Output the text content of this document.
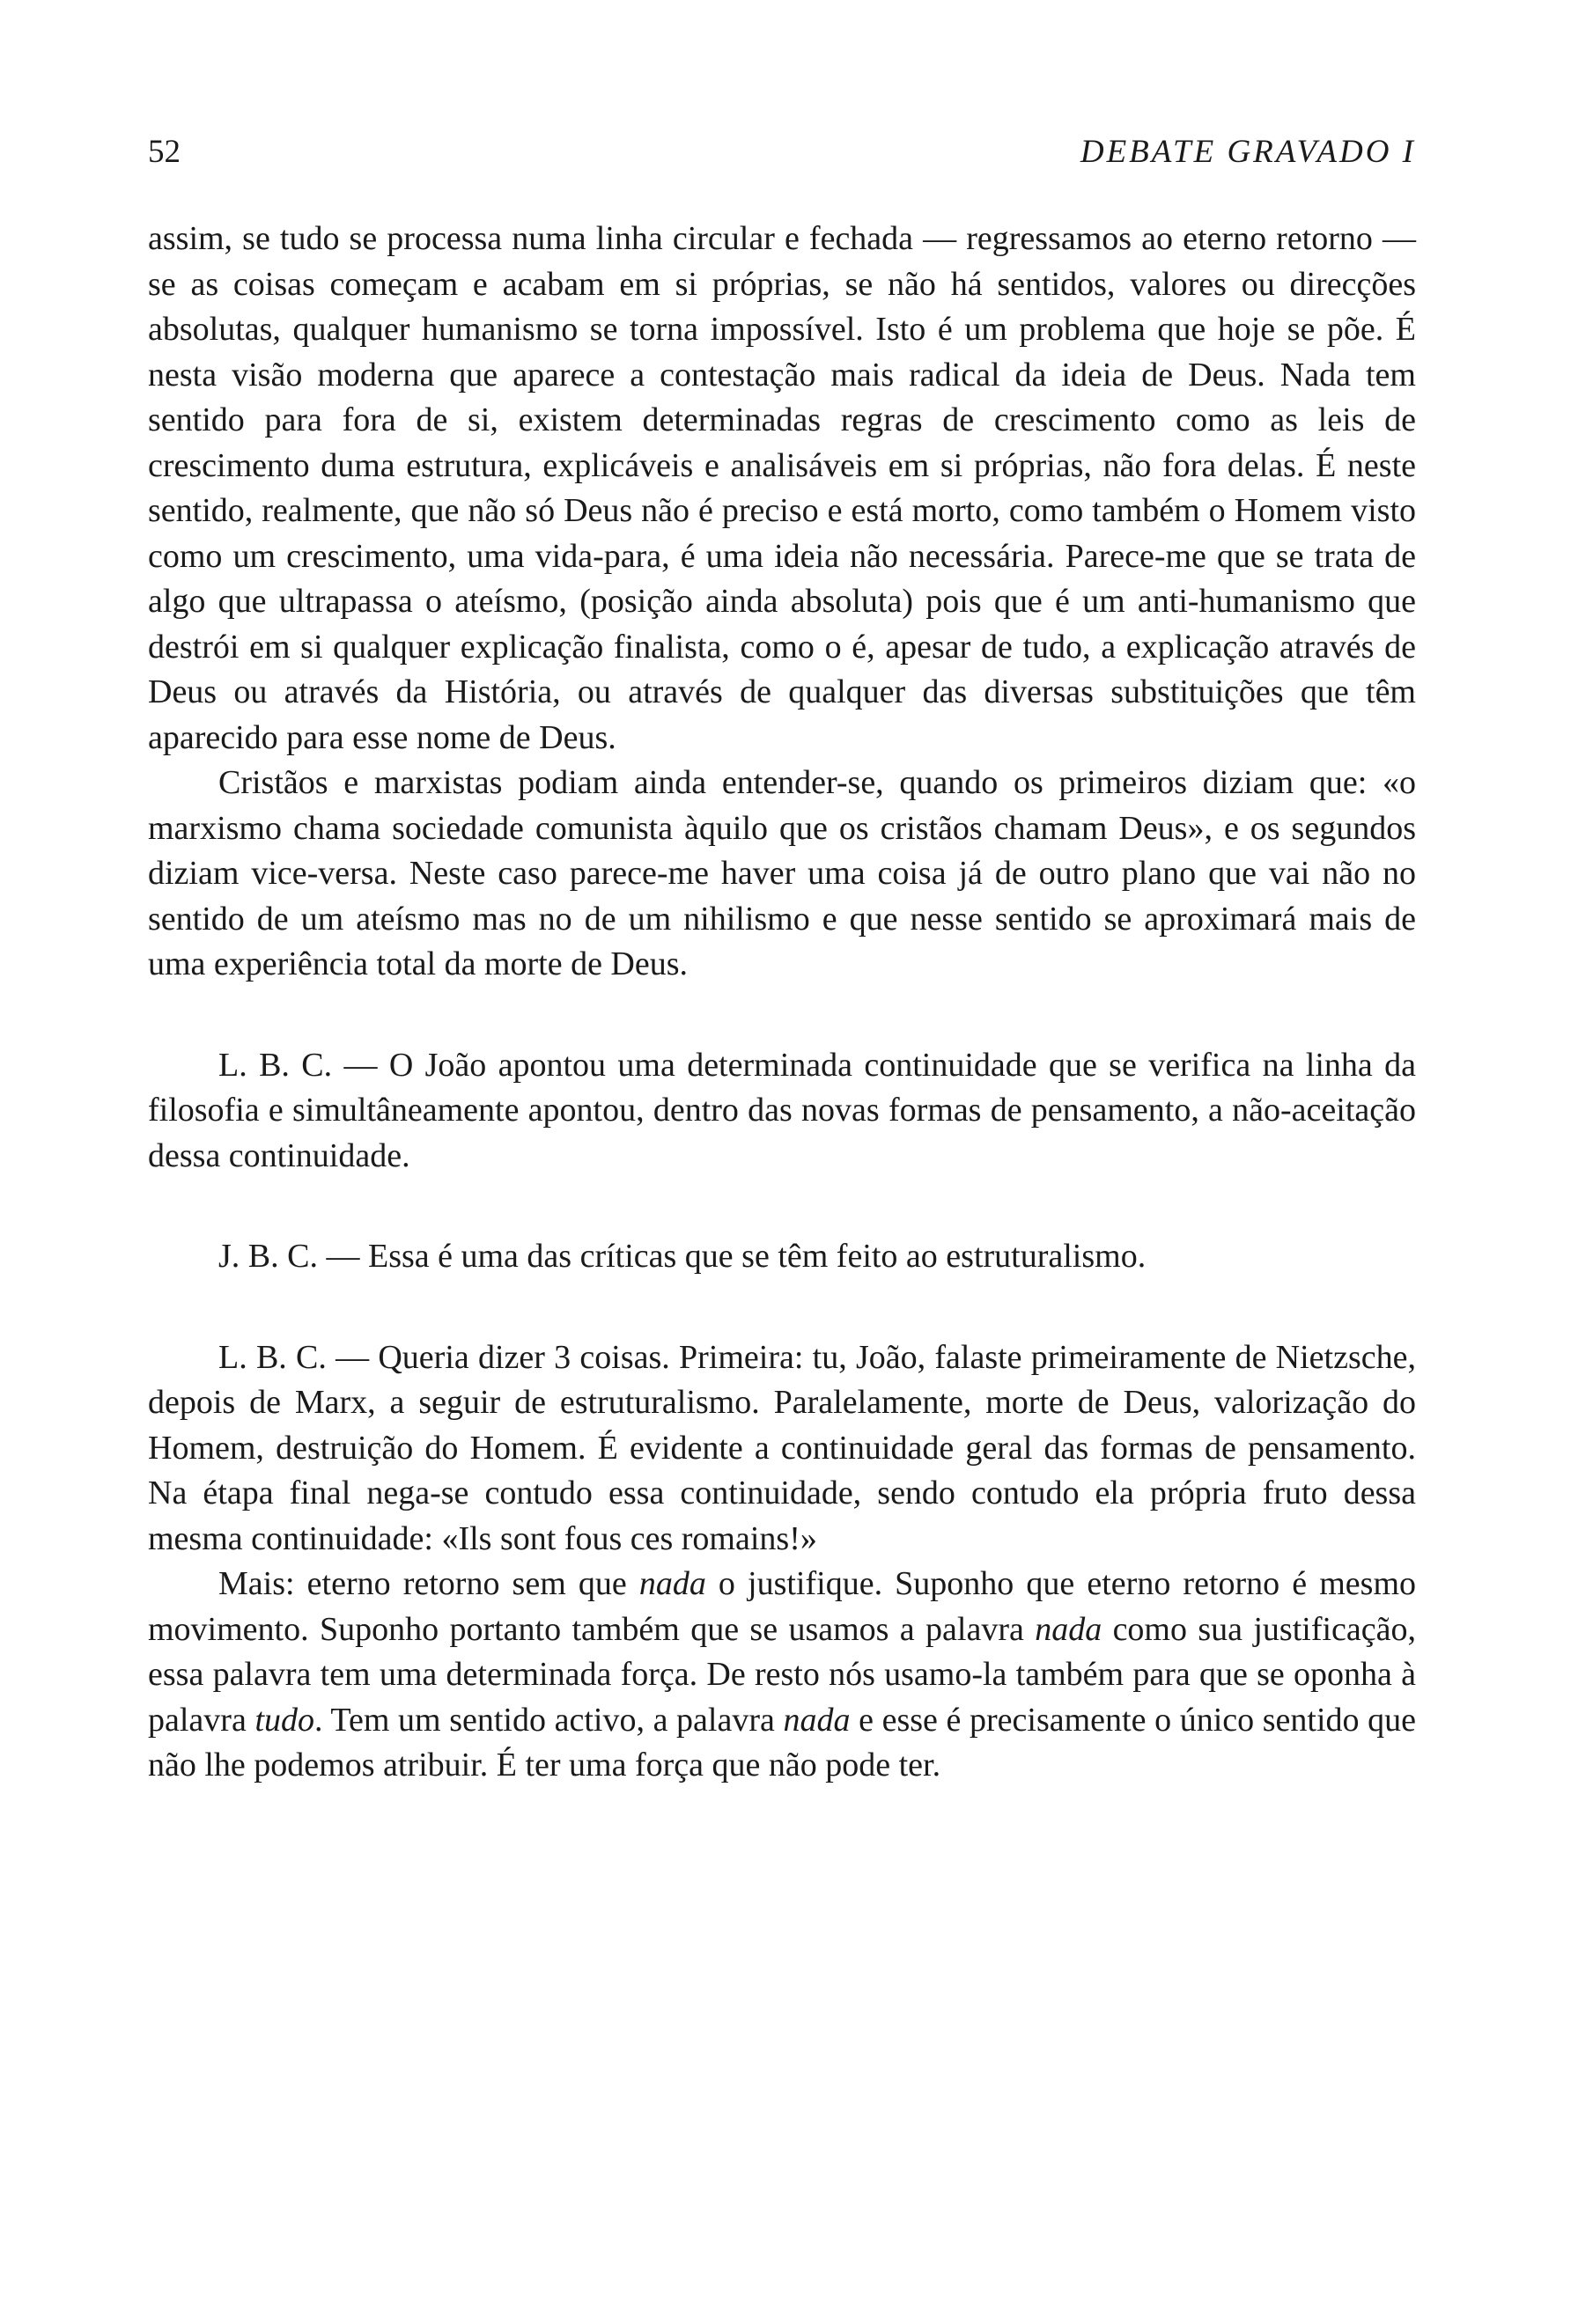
52	DEBATE GRAVADO I

assim, se tudo se processa numa linha circular e fechada — regressamos ao eterno retorno — se as coisas começam e acabam em si próprias, se não há sentidos, valores ou direcções absolutas, qualquer humanismo se torna impossível. Isto é um problema que hoje se põe. É nesta visão moderna que aparece a contestação mais radical da ideia de Deus. Nada tem sentido para fora de si, existem determinadas regras de crescimento como as leis de crescimento duma estrutura, explicáveis e analisáveis em si próprias, não fora delas. É neste sentido, realmente, que não só Deus não é preciso e está morto, como também o Homem visto como um crescimento, uma vida-para, é uma ideia não necessária. Parece-me que se trata de algo que ultrapassa o ateísmo, (posição ainda absoluta) pois que é um anti-humanismo que destrói em si qualquer explicação finalista, como o é, apesar de tudo, a explicação através de Deus ou através da História, ou através de qualquer das diversas substituições que têm aparecido para esse nome de Deus.

Cristãos e marxistas podiam ainda entender-se, quando os primeiros diziam que: «o marxismo chama sociedade comunista àquilo que os cristãos chamam Deus», e os segundos diziam vice-versa. Neste caso parece-me haver uma coisa já de outro plano que vai não no sentido de um ateísmo mas no de um nihilismo e que nesse sentido se aproximará mais de uma experiência total da morte de Deus.

L. B. C. — O João apontou uma determinada continuidade que se verifica na linha da filosofia e simultâneamente apontou, dentro das novas formas de pensamento, a não-aceitação dessa continuidade.

J. B. C. — Essa é uma das críticas que se têm feito ao estruturalismo.

L. B. C. — Queria dizer 3 coisas. Primeira: tu, João, falaste primeiramente de Nietzsche, depois de Marx, a seguir de estruturalismo. Paralelamente, morte de Deus, valorização do Homem, destruição do Homem. É evidente a continuidade geral das formas de pensamento. Na étapa final nega-se contudo essa continuidade, sendo contudo ela própria fruto dessa mesma continuidade: «Ils sont fous ces romains!»

Mais: eterno retorno sem que nada o justifique. Suponho que eterno retorno é mesmo movimento. Suponho portanto também que se usamos a palavra nada como sua justificação, essa palavra tem uma determinada força. De resto nós usamo-la também para que se oponha à palavra tudo. Tem um sentido activo, a palavra nada e esse é precisamente o único sentido que não lhe podemos atribuir. É ter uma força que não pode ter.
